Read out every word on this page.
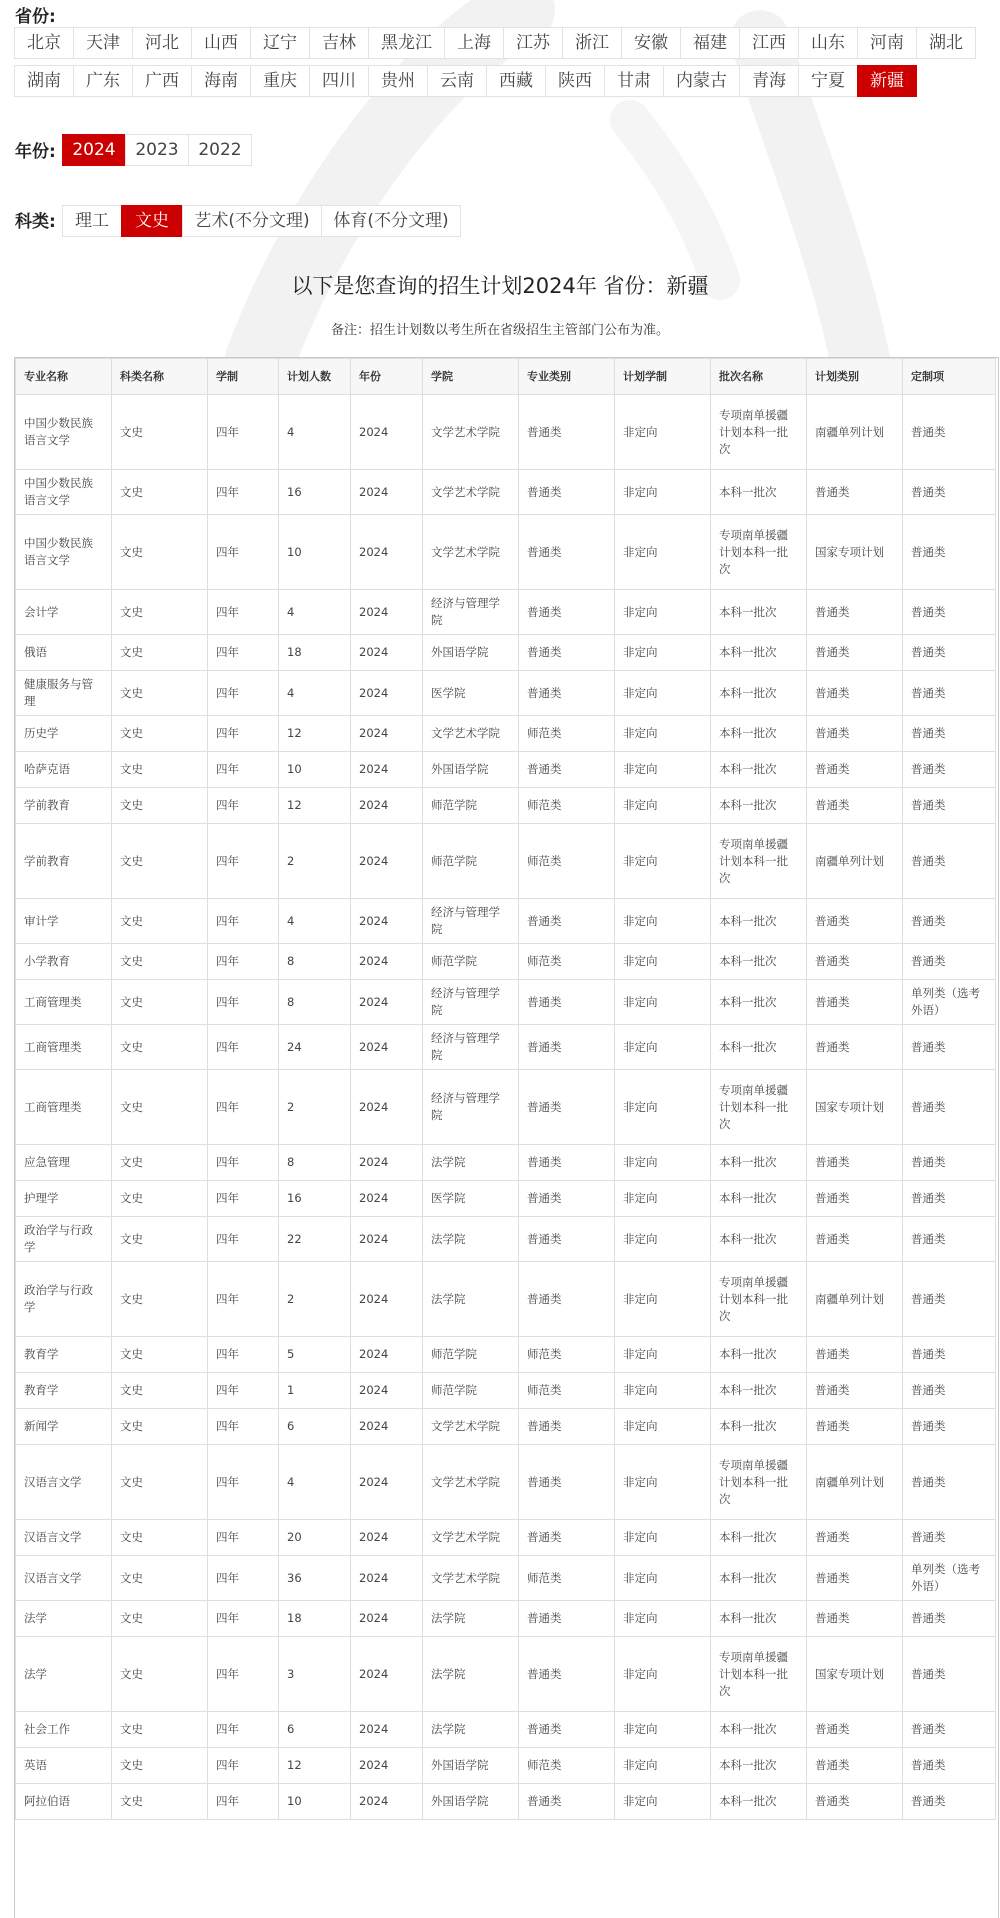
省份:
北京	天津	河北	山西	辽宁	吉林	黑龙江	上海	江苏	浙江	安徽	福建	江西	山东	河南	湖北
湖南	广东	广西	海南	重庆	四川	贵州	云南	西藏	陕西	甘肃	内蒙古	青海	宁夏	新疆
年份: 2024	2023	2022
科类:	理工	文史	艺术(不分文理)	体育(不分文理)
以下是您查询的招生计划2024年 省份：新疆
备注：招生计划数以考生所在省级招生主管部门公布为准。
专业名称	科类名称	学制	计划人数	年份	学院	专业类别	计划学制	批次名称	计划类别	定制项
中国少数民族语言文学	文史	四年	4	2024	文学艺术学院	普通类	非定向	专项南单援疆计划本科一批次	南疆单列计划	普通类
中国少数民族语言文学	文史	四年	16	2024	文学艺术学院	普通类	非定向	本科一批次	普通类	普通类
中国少数民族语言文学	文史	四年	10	2024	文学艺术学院	普通类	非定向	专项南单援疆计划本科一批次	国家专项计划	普通类
会计学	文史	四年	4	2024	经济与管理学院	普通类	非定向	本科一批次	普通类	普通类
俄语	文史	四年	18	2024	外国语学院	普通类	非定向	本科一批次	普通类	普通类
健康服务与管理	文史	四年	4	2024	医学院	普通类	非定向	本科一批次	普通类	普通类
历史学	文史	四年	12	2024	文学艺术学院	师范类	非定向	本科一批次	普通类	普通类
哈萨克语	文史	四年	10	2024	外国语学院	普通类	非定向	本科一批次	普通类	普通类
学前教育	文史	四年	12	2024	师范学院	师范类	非定向	本科一批次	普通类	普通类
学前教育	文史	四年	2	2024	师范学院	师范类	非定向	专项南单援疆计划本科一批次	南疆单列计划	普通类
审计学	文史	四年	4	2024	经济与管理学院	普通类	非定向	本科一批次	普通类	普通类
小学教育	文史	四年	8	2024	师范学院	师范类	非定向	本科一批次	普通类	普通类
工商管理类	文史	四年	8	2024	经济与管理学院	普通类	非定向	本科一批次	普通类	单列类（选考外语）
工商管理类	文史	四年	24	2024	经济与管理学院	普通类	非定向	本科一批次	普通类	普通类
工商管理类	文史	四年	2	2024	经济与管理学院	普通类	非定向	专项南单援疆计划本科一批次	国家专项计划	普通类
应急管理	文史	四年	8	2024	法学院	普通类	非定向	本科一批次	普通类	普通类
护理学	文史	四年	16	2024	医学院	普通类	非定向	本科一批次	普通类	普通类
政治学与行政学	文史	四年	22	2024	法学院	普通类	非定向	本科一批次	普通类	普通类
政治学与行政学	文史	四年	2	2024	法学院	普通类	非定向	专项南单援疆计划本科一批次	南疆单列计划	普通类
教育学	文史	四年	5	2024	师范学院	师范类	非定向	本科一批次	普通类	普通类
教育学	文史	四年	1	2024	师范学院	师范类	非定向	本科一批次	普通类	普通类
新闻学	文史	四年	6	2024	文学艺术学院	普通类	非定向	本科一批次	普通类	普通类
汉语言文学	文史	四年	4	2024	文学艺术学院	普通类	非定向	专项南单援疆计划本科一批次	南疆单列计划	普通类
汉语言文学	文史	四年	20	2024	文学艺术学院	普通类	非定向	本科一批次	普通类	普通类
汉语言文学	文史	四年	36	2024	文学艺术学院	师范类	非定向	本科一批次	普通类	单列类（选考外语）
法学	文史	四年	18	2024	法学院	普通类	非定向	本科一批次	普通类	普通类
法学	文史	四年	3	2024	法学院	普通类	非定向	专项南单援疆计划本科一批次	国家专项计划	普通类
社会工作	文史	四年	6	2024	法学院	普通类	非定向	本科一批次	普通类	普通类
英语	文史	四年	12	2024	外国语学院	师范类	非定向	本科一批次	普通类	普通类
阿拉伯语	文史	四年	10	2024	外国语学院	普通类	非定向	本科一批次	普通类	普通类
